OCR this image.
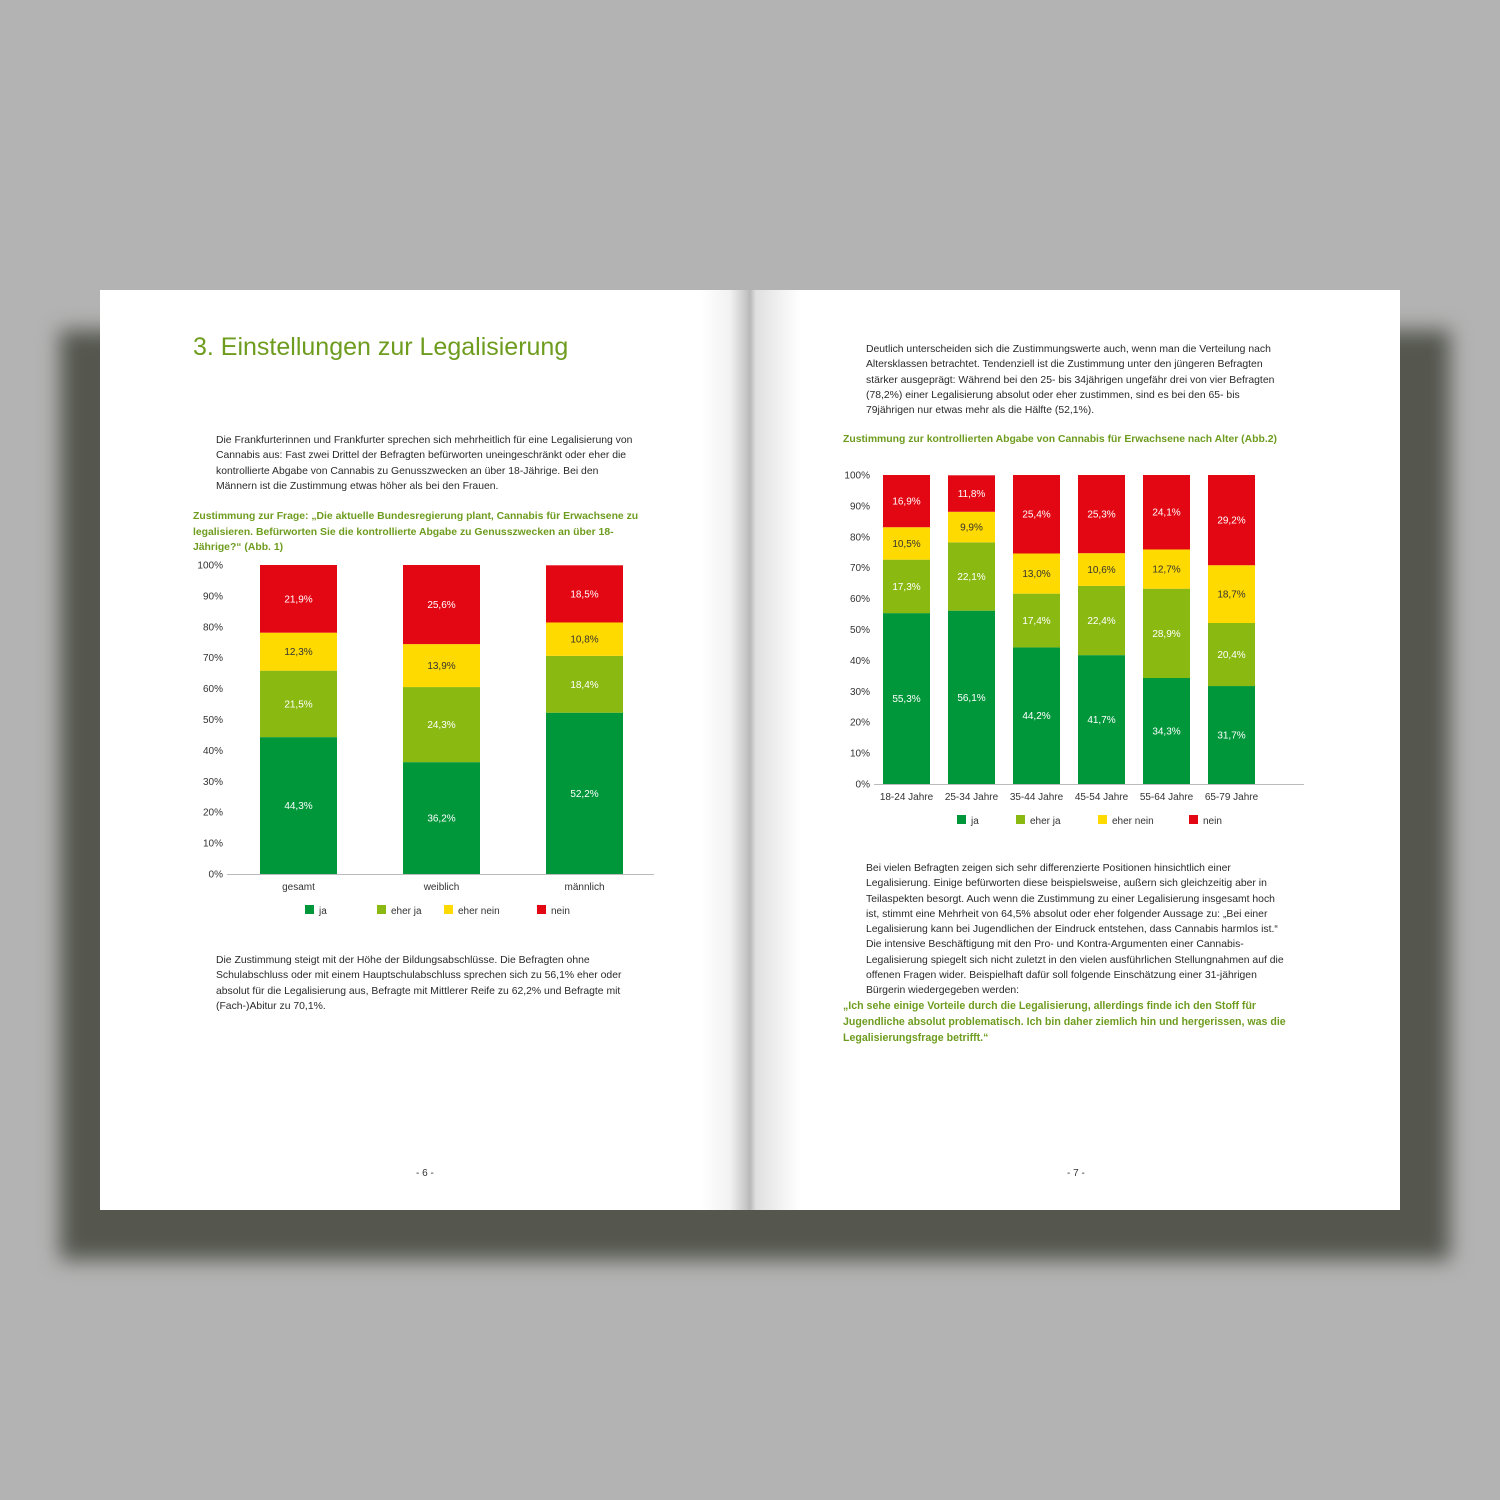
3. Einstellungen zur Legalisierung
Die Frankfurterinnen und Frankfurter sprechen sich mehrheitlich für eine Legalisierung von Cannabis aus: Fast zwei Drittel der Befragten befürworten uneingeschränkt oder eher die kontrollierte Abgabe von Cannabis zu Genusszwecken an über 18-Jährige. Bei den Männern ist die Zustimmung etwas höher als bei den Frauen.
Zustimmung zur Frage: „Die aktuelle Bundesregierung plant, Cannabis für Erwachsene zu legalisieren. Befürworten Sie die kontrollierte Abgabe zu Genusszwecken an über 18-Jährige?“ (Abb. 1)
0%
10%
20%
30%
40%
50%
60%
70%
80%
90%
100%
44,3%
21,5%
12,3%
21,9%
gesamt
36,2%
24,3%
13,9%
25,6%
weiblich
52,2%
18,4%
10,8%
18,5%
männlich
ja	eher ja	eher nein	nein
Die Zustimmung steigt mit der Höhe der Bildungsabschlüsse. Die Befragten ohne Schulabschluss oder mit einem Hauptschulabschluss sprechen sich zu 56,1% eher oder absolut für die Legalisierung aus, Befragte mit Mittlerer Reife zu 62,2% und Befragte mit (Fach-)Abitur zu 70,1%.
- 6 -
Deutlich unterscheiden sich die Zustimmungswerte auch, wenn man die Verteilung nach Altersklassen betrachtet. Tendenziell ist die Zustimmung unter den jüngeren Befragten stärker ausgeprägt: Während bei den 25- bis 34jährigen ungefähr drei von vier Befragten (78,2%) einer Legalisierung absolut oder eher zustimmen, sind es bei den 65- bis 79jährigen nur etwas mehr als die Hälfte (52,1%).
Zustimmung zur kontrollierten Abgabe von Cannabis für Erwachsene nach Alter (Abb.2)
0%
10%
20%
30%
40%
50%
60%
70%
80%
90%
100%
55,3%
17,3%
10,5%
16,9%
18-24 Jahre
56,1%
22,1%
9,9%
11,8%
25-34 Jahre
44,2%
17,4%
13,0%
25,4%
35-44 Jahre
41,7%
22,4%
10,6%
25,3%
45-54 Jahre
34,3%
28,9%
12,7%
24,1%
55-64 Jahre
31,7%
20,4%
18,7%
29,2%
65-79 Jahre
ja	eher ja	eher nein	nein
Bei vielen Befragten zeigen sich sehr differenzierte Positionen hinsichtlich einer Legalisierung. Einige befürworten diese beispielsweise, außern sich gleichzeitig aber in Teilaspekten besorgt. Auch wenn die Zustimmung zu einer Legalisierung insgesamt hoch ist, stimmt eine Mehrheit von 64,5% absolut oder eher folgender Aussage zu: „Bei einer Legalisierung kann bei Jugendlichen der Eindruck entstehen, dass Cannabis harmlos ist.“ Die intensive Beschäftigung mit den Pro- und Kontra-Argumenten einer Cannabis-Legalisierung spiegelt sich nicht zuletzt in den vielen ausführlichen Stellungnahmen auf die offenen Fragen wider. Beispielhaft dafür soll folgende Einschätzung einer 31-jährigen Bürgerin wiedergegeben werden:
„Ich sehe einige Vorteile durch die Legalisierung, allerdings finde ich den Stoff für Jugendliche absolut problematisch. Ich bin daher ziemlich hin und hergerissen, was die Legalisierungsfrage betrifft.“
- 7 -
